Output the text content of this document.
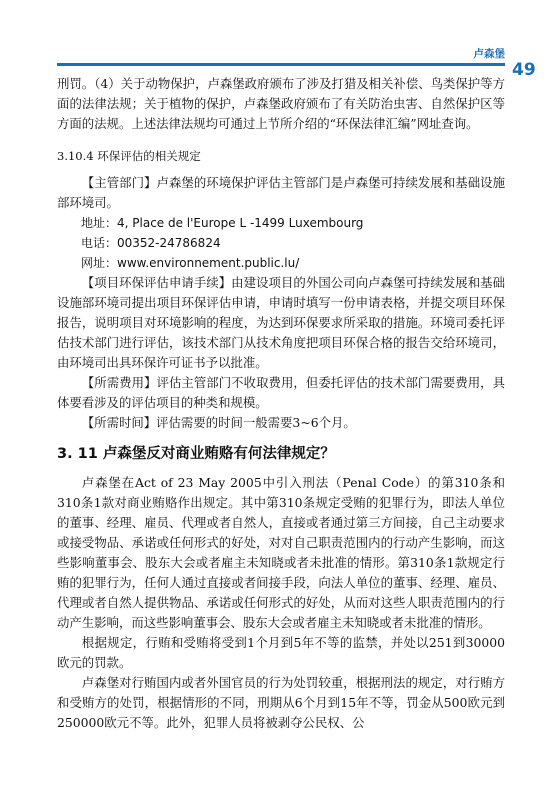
卢森堡
49

刑罚。（4）关于动物保护，卢森堡政府颁布了涉及打猎及相关补偿、鸟类保护等方面的法律法规；关于植物的保护，卢森堡政府颁布了有关防治虫害、自然保护区等方面的法规。上述法律法规均可通过上节所介绍的“环保法律汇编”网址查询。

3.10.4 环保评估的相关规定

【主管部门】卢森堡的环境保护评估主管部门是卢森堡可持续发展和基础设施部环境司。

地址：4, Place de l'Europe L -1499 Luxembourg

电话：00352-24786824

网址：www.environnement.public.lu/

【项目环保评估申请手续】由建设项目的外国公司向卢森堡可持续发展和基础设施部环境司提出项目环保评估申请，申请时填写一份申请表格，并提交项目环保报告，说明项目对环境影响的程度，为达到环保要求所采取的措施。环境司委托评估技术部门进行评估，该技术部门从技术角度把项目环保合格的报告交给环境司，由环境司出具环保许可证书予以批准。

【所需费用】评估主管部门不收取费用，但委托评估的技术部门需要费用，具体要看涉及的评估项目的种类和规模。

【所需时间】评估需要的时间一般需要3~6个月。

3. 11 卢森堡反对商业贿赂有何法律规定？

卢森堡在Act of 23 May 2005中引入刑法（Penal Code）的第310条和310条1款对商业贿赂作出规定。其中第310条规定受贿的犯罪行为，即法人单位的董事、经理、雇员、代理或者自然人，直接或者通过第三方间接，自己主动要求或接受物品、承诺或任何形式的好处，对对自己职责范围内的行动产生影响，而这些影响董事会、股东大会或者雇主未知晓或者未批准的情形。第310条1款规定行贿的犯罪行为，任何人通过直接或者间接手段，向法人单位的董事、经理、雇员、代理或者自然人提供物品、承诺或任何形式的好处，从而对这些人职责范围内的行动产生影响，而这些影响董事会、股东大会或者雇主未知晓或者未批准的情形。

根据规定，行贿和受贿将受到1个月到5年不等的监禁，并处以251到30000欧元的罚款。

卢森堡对行贿国内或者外国官员的行为处罚较重，根据刑法的规定，对行贿方和受贿方的处罚，根据情形的不同，刑期从6个月到15年不等，罚金从500欧元到250000欧元不等。此外，犯罪人员将被剥夺公民权、公
